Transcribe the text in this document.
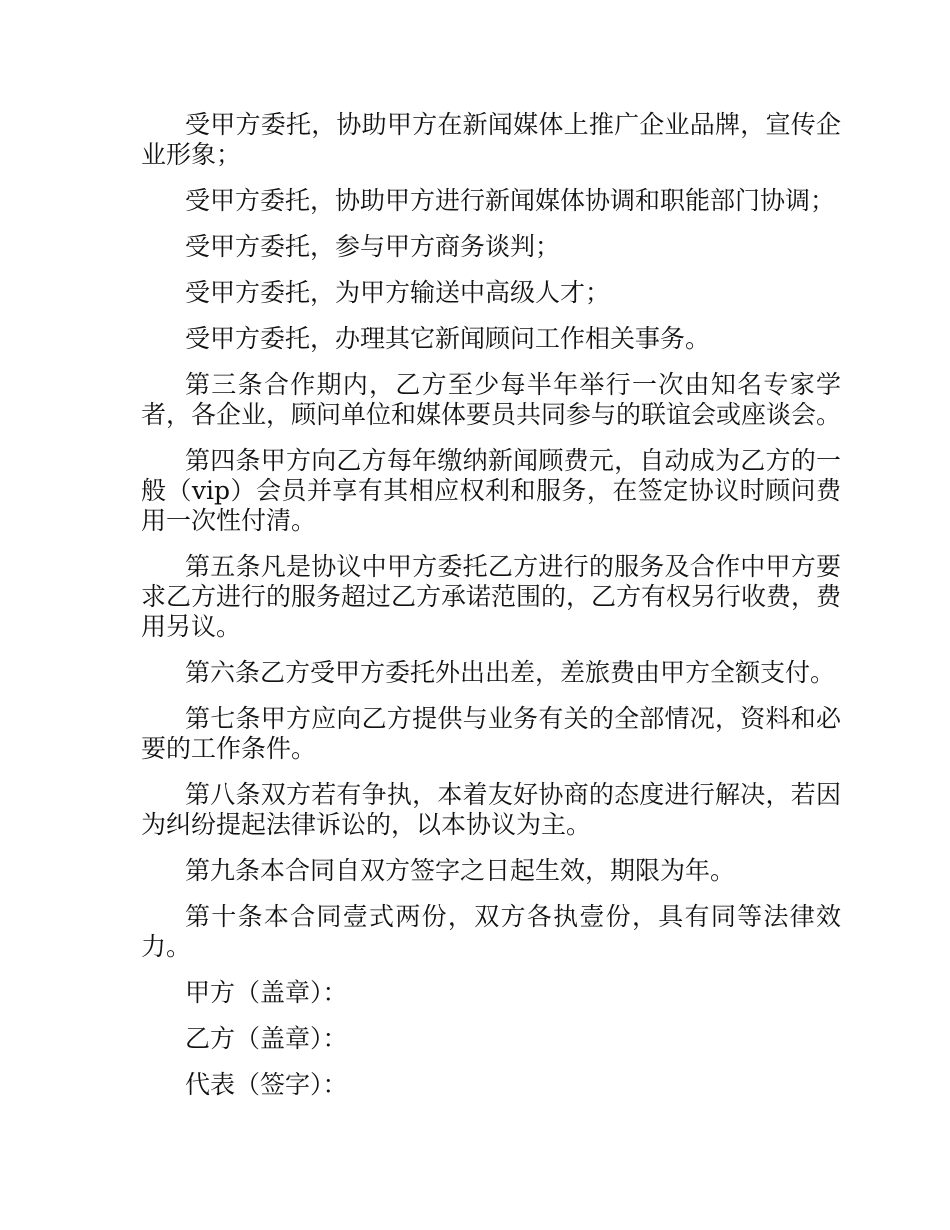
受甲方委托，协助甲方在新闻媒体上推广企业品牌，宣传企业形象；

受甲方委托，协助甲方进行新闻媒体协调和职能部门协调；

受甲方委托，参与甲方商务谈判；

受甲方委托，为甲方输送中高级人才；

受甲方委托，办理其它新闻顾问工作相关事务。

第三条合作期内，乙方至少每半年举行一次由知名专家学者，各企业，顾问单位和媒体要员共同参与的联谊会或座谈会。

第四条甲方向乙方每年缴纳新闻顾费元，自动成为乙方的一般（vip）会员并享有其相应权利和服务，在签定协议时顾问费用一次性付清。

第五条凡是协议中甲方委托乙方进行的服务及合作中甲方要求乙方进行的服务超过乙方承诺范围的，乙方有权另行收费，费用另议。

第六条乙方受甲方委托外出出差，差旅费由甲方全额支付。

第七条甲方应向乙方提供与业务有关的全部情况，资料和必要的工作条件。

第八条双方若有争执，本着友好协商的态度进行解决，若因为纠纷提起法律诉讼的，以本协议为主。

第九条本合同自双方签字之日起生效，期限为年。

第十条本合同壹式两份，双方各执壹份，具有同等法律效力。

甲方（盖章）：

乙方（盖章）：

代表（签字）：
